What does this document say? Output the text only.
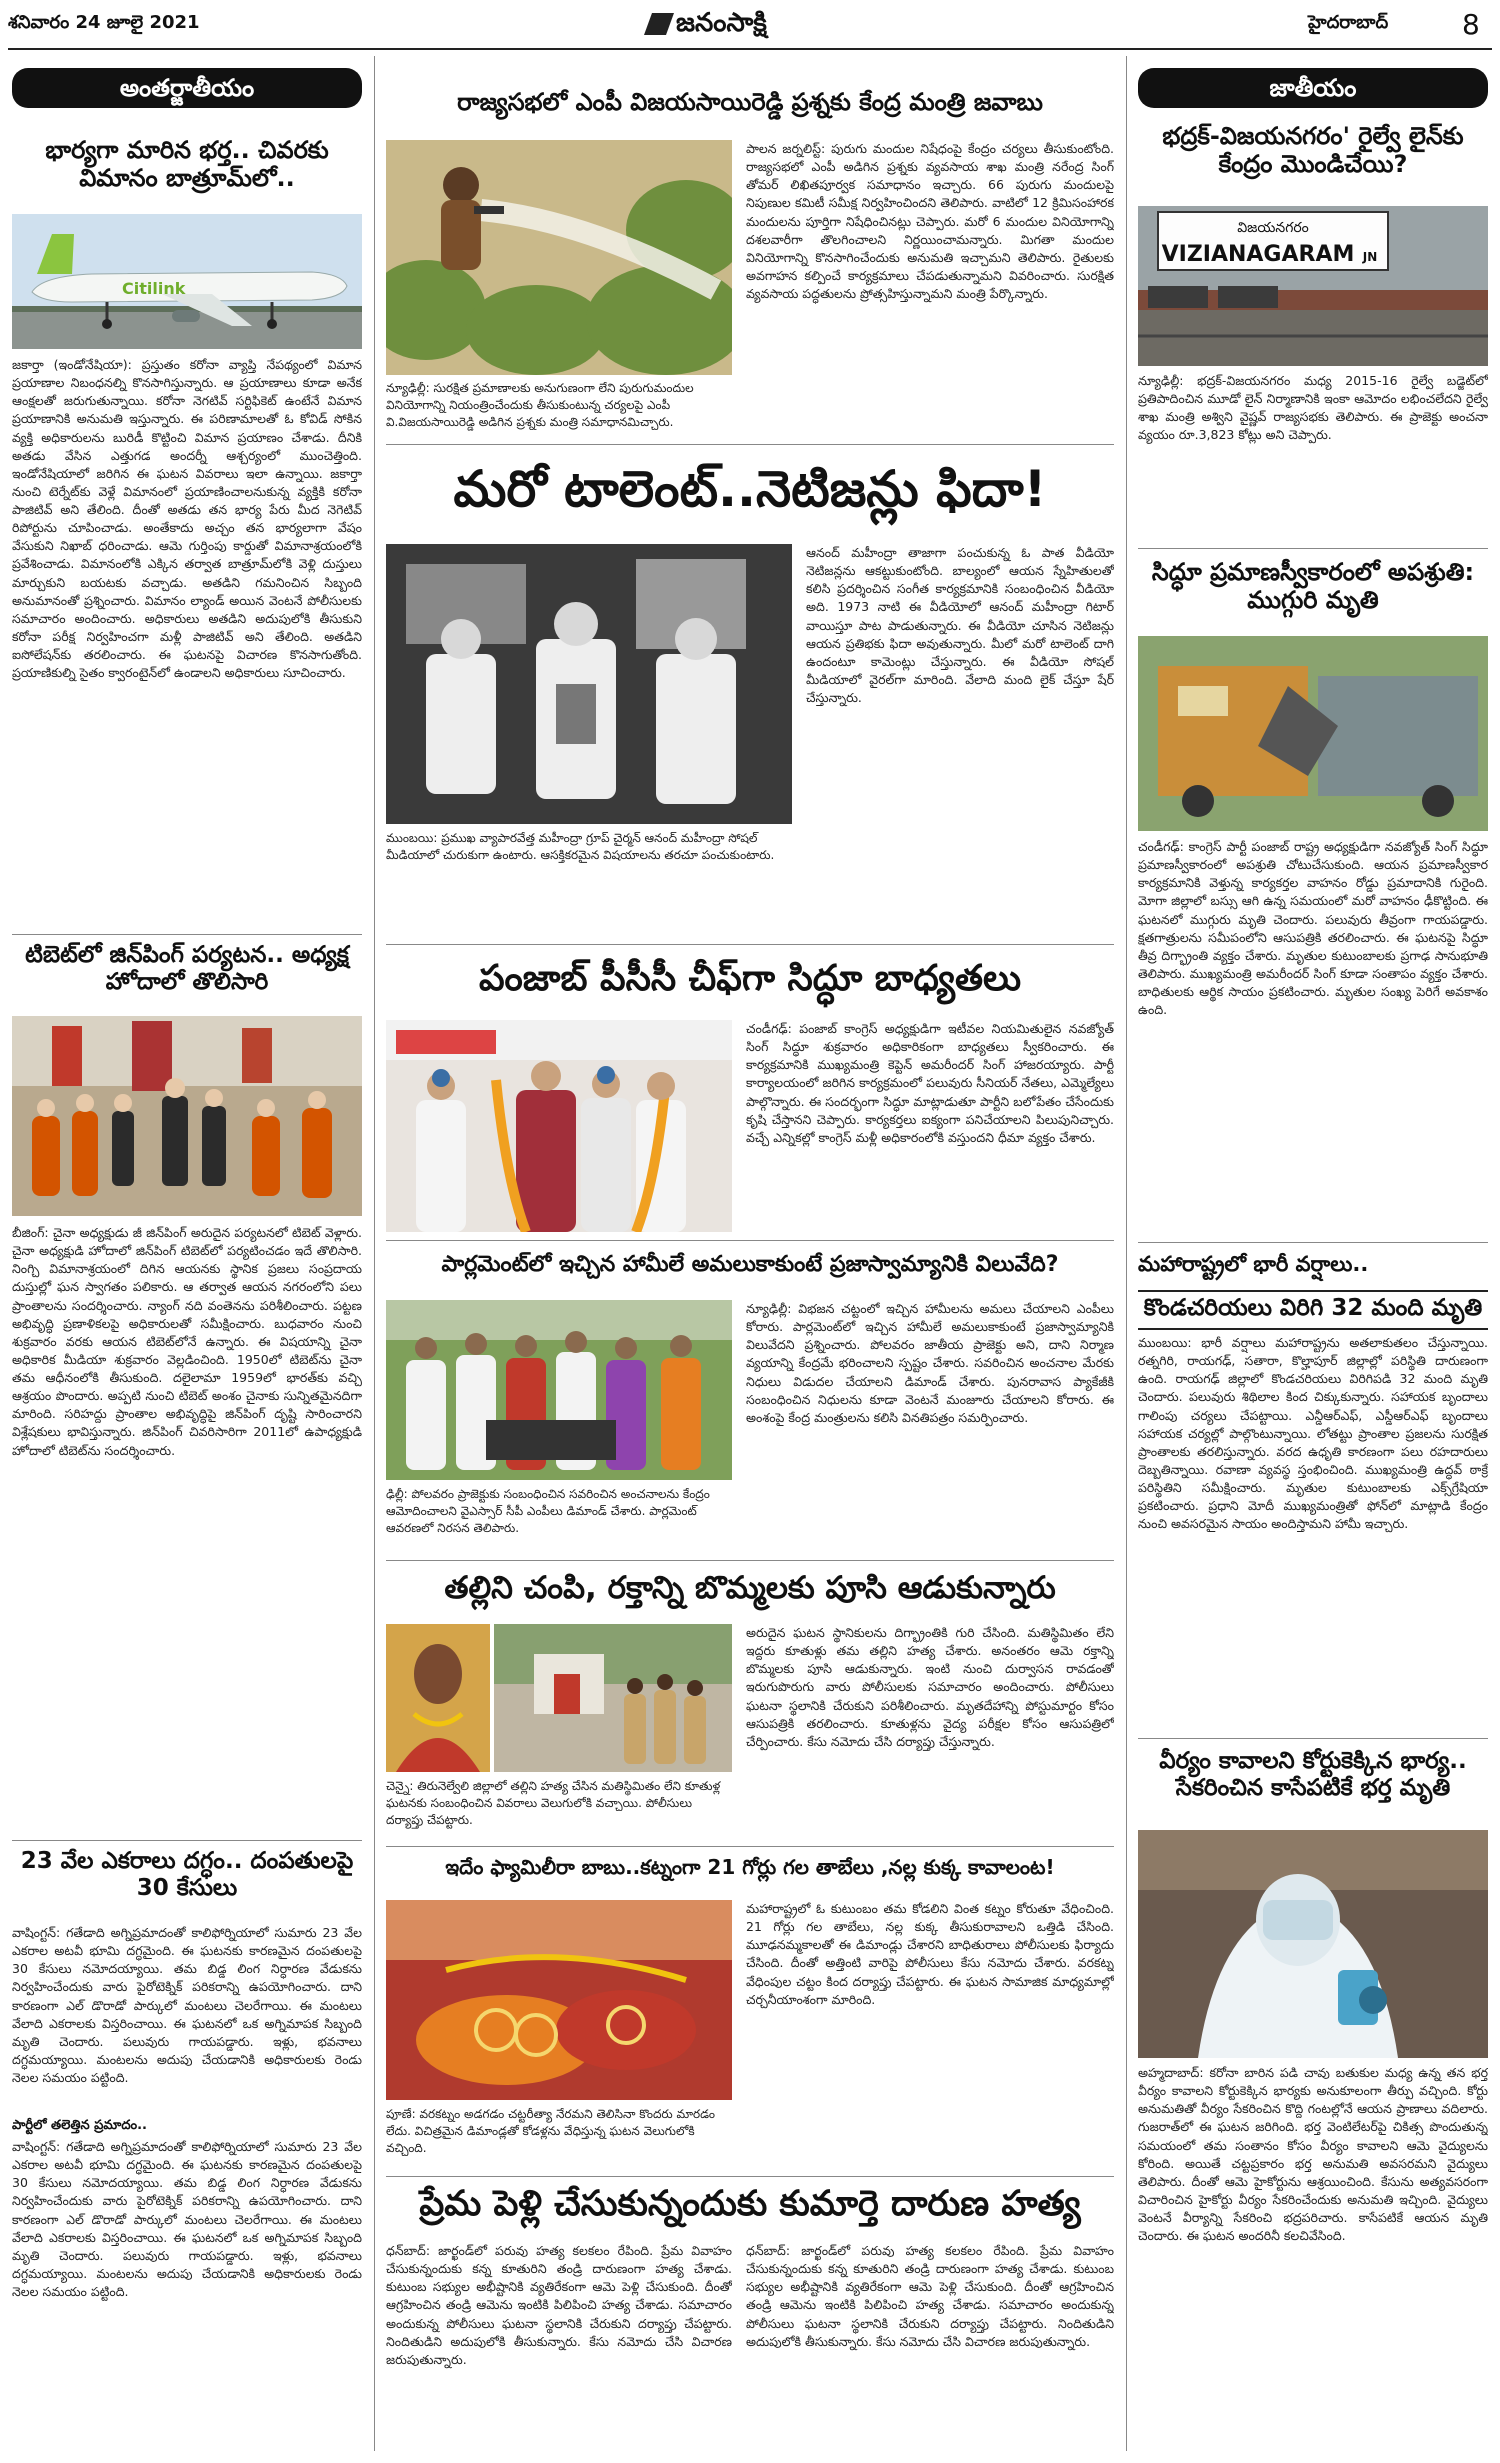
శనివారం 24 జూలై 2021	జనంసాక్షి	హైదరాబాద్	8
అంతర్జాతీయం
భార్యగా మారిన భర్త.. చివరకు విమానం బాత్రూమ్‌లో..
Citilink
జకార్తా (ఇండోనేషియా): ప్రస్తుతం కరోనా వ్యాప్తి నేపథ్యంలో విమాన ప్రయాణాల నిబంధనల్ని కొనసాగిస్తున్నారు. ఆ ప్రయాణాలు కూడా అనేక ఆంక్షలతో జరుగుతున్నాయి. కరోనా నెగటివ్ సర్టిఫికెట్ ఉంటేనే విమాన ప్రయాణానికి అనుమతి ఇస్తున్నారు. ఈ పరిణామాలతో ఓ కోవిడ్ సోకిన వ్యక్తి అధికారులను బురిడీ కొట్టించి విమాన ప్రయాణం చేశాడు. దీనికి అతడు వేసిన ఎత్తుగడ అందర్నీ ఆశ్చర్యంలో ముంచెత్తింది. ఇండోనేషియాలో జరిగిన ఈ ఘటన వివరాలు ఇలా ఉన్నాయి. జకార్తా నుంచి టెర్నేట్‌కు వెళ్లే విమానంలో ప్రయాణించాలనుకున్న వ్యక్తికి కరోనా పాజిటివ్ అని తేలింది. దీంతో అతడు తన భార్య పేరు మీద నెగెటివ్ రిపోర్టును చూపించాడు. అంతేకాదు అచ్చం తన భార్యలాగా వేషం వేసుకుని నిఖాబ్ ధరించాడు. ఆమె గుర్తింపు కార్డుతో విమానాశ్రయంలోకి ప్రవేశించాడు. విమానంలోకి ఎక్కిన తర్వాత బాత్రూమ్‌లోకి వెళ్లి దుస్తులు మార్చుకుని బయటకు వచ్చాడు. అతడిని గమనించిన సిబ్బంది అనుమానంతో ప్రశ్నించారు. విమానం ల్యాండ్ అయిన వెంటనే పోలీసులకు సమాచారం అందించారు. అధికారులు అతడిని అదుపులోకి తీసుకుని కరోనా పరీక్ష నిర్వహించగా మళ్లీ పాజిటివ్ అని తేలింది. అతడిని ఐసోలేషన్‌కు తరలించారు. ఈ ఘటనపై విచారణ కొనసాగుతోంది. ప్రయాణికుల్ని సైతం క్వారంటైన్‌లో ఉండాలని అధికారులు సూచించారు.
టిబెట్‌లో జిన్‌పింగ్ పర్యటన.. అధ్యక్ష హోదాలో తొలిసారి
బీజింగ్‌: చైనా అధ్యక్షుడు జీ జిన్‌పింగ్ అరుదైన పర్యటనలో టిబెట్ వెళ్లారు. చైనా అధ్యక్షుడి హోదాలో జిన్‌పింగ్ టిబెట్‌లో పర్యటించడం ఇదే తొలిసారి. నింగ్చి విమానాశ్రయంలో దిగిన ఆయనకు స్థానిక ప్రజలు సంప్రదాయ దుస్తుల్లో ఘన స్వాగతం పలికారు. ఆ తర్వాత ఆయన నగరంలోని పలు ప్రాంతాలను సందర్శించారు. న్యాంగ్ నది వంతెనను పరిశీలించారు. పట్టణ అభివృద్ధి ప్రణాళికలపై అధికారులతో సమీక్షించారు. బుధవారం నుంచి శుక్రవారం వరకు ఆయన టిబెట్‌లోనే ఉన్నారు. ఈ విషయాన్ని చైనా అధికారిక మీడియా శుక్రవారం వెల్లడించింది. 1950లో టిబెట్‌ను చైనా తమ ఆధీనంలోకి తీసుకుంది. దలైలామా 1959లో భారత్‌కు వచ్చి ఆశ్రయం పొందారు. అప్పటి నుంచి టిబెట్ అంశం చైనాకు సున్నితమైనదిగా మారింది. సరిహద్దు ప్రాంతాల అభివృద్ధిపై జిన్‌పింగ్ దృష్టి సారించారని విశ్లేషకులు భావిస్తున్నారు. జిన్‌పింగ్ చివరిసారిగా 2011లో ఉపాధ్యక్షుడి హోదాలో టిబెట్‌ను సందర్శించారు.
23 వేల ఎకరాలు దగ్ధం.. దంపతులపై 30 కేసులు
వాషింగ్టన్‌: గతేడాది అగ్నిప్రమాదంతో కాలిఫోర్నియాలో సుమారు 23 వేల ఎకరాల అటవీ భూమి దగ్ధమైంది. ఈ ఘటనకు కారణమైన దంపతులపై 30 కేసులు నమోదయ్యాయి. తమ బిడ్డ లింగ నిర్ధారణ వేడుకను నిర్వహించేందుకు వారు పైరోటెక్నిక్ పరికరాన్ని ఉపయోగించారు. దాని కారణంగా ఎల్ డొరాడో పార్కులో మంటలు చెలరేగాయి. ఈ మంటలు వేలాది ఎకరాలకు విస్తరించాయి. ఈ ఘటనలో ఒక అగ్నిమాపక సిబ్బంది మృతి చెందారు. పలువురు గాయపడ్డారు. ఇళ్లు, భవనాలు దగ్ధమయ్యాయి. మంటలను అదుపు చేయడానికి అధికారులకు రెండు నెలల సమయం పట్టింది.
పార్టీలో తలెత్తిన ప్రమాదం..
వాషింగ్టన్‌: గతేడాది అగ్నిప్రమాదంతో కాలిఫోర్నియాలో సుమారు 23 వేల ఎకరాల అటవీ భూమి దగ్ధమైంది. ఈ ఘటనకు కారణమైన దంపతులపై 30 కేసులు నమోదయ్యాయి. తమ బిడ్డ లింగ నిర్ధారణ వేడుకను నిర్వహించేందుకు వారు పైరోటెక్నిక్ పరికరాన్ని ఉపయోగించారు. దాని కారణంగా ఎల్ డొరాడో పార్కులో మంటలు చెలరేగాయి. ఈ మంటలు వేలాది ఎకరాలకు విస్తరించాయి. ఈ ఘటనలో ఒక అగ్నిమాపక సిబ్బంది మృతి చెందారు. పలువురు గాయపడ్డారు. ఇళ్లు, భవనాలు దగ్ధమయ్యాయి. మంటలను అదుపు చేయడానికి అధికారులకు రెండు నెలల సమయం పట్టింది.
రాజ్యసభలో ఎంపీ విజయసాయిరెడ్డి ప్రశ్నకు కేంద్ర మంత్రి జవాబు
న్యూఢిల్లీ: సురక్షిత ప్రమాణాలకు అనుగుణంగా లేని పురుగుమందుల వినియోగాన్ని నియంత్రించేందుకు తీసుకుంటున్న చర్యలపై ఎంపీ వి.విజయసాయిరెడ్డి అడిగిన ప్రశ్నకు మంత్రి సమాధానమిచ్చారు.
పాలన జర్నలిస్ట్: పురుగు మందుల నిషేధంపై కేంద్రం చర్యలు తీసుకుంటోంది. రాజ్యసభలో ఎంపీ అడిగిన ప్రశ్నకు వ్యవసాయ శాఖ మంత్రి నరేంద్ర సింగ్ తోమర్ లిఖితపూర్వక సమాధానం ఇచ్చారు. 66 పురుగు మందులపై నిపుణుల కమిటీ సమీక్ష నిర్వహించిందని తెలిపారు. వాటిలో 12 క్రిమిసంహారక మందులను పూర్తిగా నిషేధించినట్లు చెప్పారు. మరో 6 మందుల వినియోగాన్ని దశలవారీగా తొలగించాలని నిర్ణయించామన్నారు. మిగతా మందుల వినియోగాన్ని కొనసాగించేందుకు అనుమతి ఇచ్చామని తెలిపారు. రైతులకు అవగాహన కల్పించే కార్యక్రమాలు చేపడుతున్నామని వివరించారు. సురక్షిత వ్యవసాయ పద్ధతులను ప్రోత్సహిస్తున్నామని మంత్రి పేర్కొన్నారు.
మరో టాలెంట్‌..నెటిజన్లు ఫిదా!
ముంబయి: ప్రముఖ వ్యాపారవేత్త మహీంద్రా గ్రూప్ చైర్మన్ ఆనంద్ మహీంద్రా సోషల్ మీడియాలో చురుకుగా ఉంటారు. ఆసక్తికరమైన విషయాలను తరచూ పంచుకుంటారు.
ఆనంద్ మహీంద్రా తాజాగా పంచుకున్న ఓ పాత వీడియో నెటిజన్లను ఆకట్టుకుంటోంది. బాల్యంలో ఆయన స్నేహితులతో కలిసి ప్రదర్శించిన సంగీత కార్యక్రమానికి సంబంధించిన వీడియో అది. 1973 నాటి ఈ వీడియోలో ఆనంద్ మహీంద్రా గిటార్ వాయిస్తూ పాట పాడుతున్నారు. ఈ వీడియో చూసిన నెటిజన్లు ఆయన ప్రతిభకు ఫిదా అవుతున్నారు. మీలో మరో టాలెంట్ దాగి ఉందంటూ కామెంట్లు చేస్తున్నారు. ఈ వీడియో సోషల్ మీడియాలో వైరల్‌గా మారింది. వేలాది మంది లైక్ చేస్తూ షేర్ చేస్తున్నారు.
పంజాబ్ పీసీసీ చీఫ్‌గా సిద్ధూ బాధ్యతలు
చండీగఢ్‌: పంజాబ్ కాంగ్రెస్ అధ్యక్షుడిగా ఇటీవల నియమితులైన నవజ్యోత్ సింగ్ సిద్ధూ శుక్రవారం అధికారికంగా బాధ్యతలు స్వీకరించారు. ఈ కార్యక్రమానికి ముఖ్యమంత్రి కెప్టెన్ అమరీందర్ సింగ్ హాజరయ్యారు. పార్టీ కార్యాలయంలో జరిగిన కార్యక్రమంలో పలువురు సీనియర్ నేతలు, ఎమ్మెల్యేలు పాల్గొన్నారు. ఈ సందర్భంగా సిద్ధూ మాట్లాడుతూ పార్టీని బలోపేతం చేసేందుకు కృషి చేస్తానని చెప్పారు. కార్యకర్తలు ఐక్యంగా పనిచేయాలని పిలుపునిచ్చారు. వచ్చే ఎన్నికల్లో కాంగ్రెస్ మళ్లీ అధికారంలోకి వస్తుందని ధీమా వ్యక్తం చేశారు.
పార్లమెంట్‌లో ఇచ్చిన హామీలే అమలుకాకుంటే ప్రజాస్వామ్యానికి విలువేది?
ఢిల్లీ: పోలవరం ప్రాజెక్టుకు సంబంధించిన సవరించిన అంచనాలను కేంద్రం ఆమోదించాలని వైఎస్సార్ సీపీ ఎంపీలు డిమాండ్ చేశారు. పార్లమెంట్ ఆవరణలో నిరసన తెలిపారు.
న్యూఢిల్లీ: విభజన చట్టంలో ఇచ్చిన హామీలను అమలు చేయాలని ఎంపీలు కోరారు. పార్లమెంట్‌లో ఇచ్చిన హామీలే అమలుకాకుంటే ప్రజాస్వామ్యానికి విలువేదని ప్రశ్నించారు. పోలవరం జాతీయ ప్రాజెక్టు అని, దాని నిర్మాణ వ్యయాన్ని కేంద్రమే భరించాలని స్పష్టం చేశారు. సవరించిన అంచనాల మేరకు నిధులు విడుదల చేయాలని డిమాండ్ చేశారు. పునరావాస ప్యాకేజీకి సంబంధించిన నిధులను కూడా వెంటనే మంజూరు చేయాలని కోరారు. ఈ అంశంపై కేంద్ర మంత్రులను కలిసి వినతిపత్రం సమర్పించారు.
తల్లిని చంపి, రక్తాన్ని బొమ్మలకు పూసి ఆడుకున్నారు
చెన్నై: తిరునెల్వేలి జిల్లాలో తల్లిని హత్య చేసిన మతిస్థిమితం లేని కూతుళ్ల ఘటనకు సంబంధించిన వివరాలు వెలుగులోకి వచ్చాయి. పోలీసులు దర్యాప్తు చేపట్టారు.
అరుదైన ఘటన స్థానికులను దిగ్భ్రాంతికి గురి చేసింది. మతిస్థిమితం లేని ఇద్దరు కూతుళ్లు తమ తల్లిని హత్య చేశారు. అనంతరం ఆమె రక్తాన్ని బొమ్మలకు పూసి ఆడుకున్నారు. ఇంటి నుంచి దుర్వాసన రావడంతో ఇరుగుపొరుగు వారు పోలీసులకు సమాచారం అందించారు. పోలీసులు ఘటనా స్థలానికి చేరుకుని పరిశీలించారు. మృతదేహాన్ని పోస్టుమార్టం కోసం ఆసుపత్రికి తరలించారు. కూతుళ్లను వైద్య పరీక్షల కోసం ఆసుపత్రిలో చేర్పించారు. కేసు నమోదు చేసి దర్యాప్తు చేస్తున్నారు.
ఇదేం ఫ్యామిలీరా బాబు..కట్నంగా 21 గోర్లు గల తాబేలు ,నల్ల కుక్క కావాలంట!
పూణే: వరకట్నం అడగడం చట్టరీత్యా నేరమని తెలిసినా కొందరు మారడం లేదు. విచిత్రమైన డిమాండ్లతో కోడళ్లను వేధిస్తున్న ఘటన వెలుగులోకి వచ్చింది.
మహారాష్ట్రలో ఓ కుటుంబం తమ కోడలిని వింత కట్నం కోరుతూ వేధించింది. 21 గోర్లు గల తాబేలు, నల్ల కుక్క తీసుకురావాలని ఒత్తిడి చేసింది. మూఢనమ్మకాలతో ఈ డిమాండ్లు చేశారని బాధితురాలు పోలీసులకు ఫిర్యాదు చేసింది. దీంతో అత్తింటి వారిపై పోలీసులు కేసు నమోదు చేశారు. వరకట్న వేధింపుల చట్టం కింద దర్యాప్తు చేపట్టారు. ఈ ఘటన సామాజిక మాధ్యమాల్లో చర్చనీయాంశంగా మారింది.
ప్రేమ పెళ్లి చేసుకున్నందుకు కుమార్తె దారుణ హత్య
ధన్‌బాద్: జార్ఖండ్‌లో పరువు హత్య కలకలం రేపింది. ప్రేమ వివాహం చేసుకున్నందుకు కన్న కూతురిని తండ్రి దారుణంగా హత్య చేశాడు. కుటుంబ సభ్యుల అభీష్టానికి వ్యతిరేకంగా ఆమె పెళ్లి చేసుకుంది. దీంతో ఆగ్రహించిన తండ్రి ఆమెను ఇంటికి పిలిపించి హత్య చేశాడు. సమాచారం అందుకున్న పోలీసులు ఘటనా స్థలానికి చేరుకుని దర్యాప్తు చేపట్టారు. నిందితుడిని అదుపులోకి తీసుకున్నారు. కేసు నమోదు చేసి విచారణ జరుపుతున్నారు.
ధన్‌బాద్: జార్ఖండ్‌లో పరువు హత్య కలకలం రేపింది. ప్రేమ వివాహం చేసుకున్నందుకు కన్న కూతురిని తండ్రి దారుణంగా హత్య చేశాడు. కుటుంబ సభ్యుల అభీష్టానికి వ్యతిరేకంగా ఆమె పెళ్లి చేసుకుంది. దీంతో ఆగ్రహించిన తండ్రి ఆమెను ఇంటికి పిలిపించి హత్య చేశాడు. సమాచారం అందుకున్న పోలీసులు ఘటనా స్థలానికి చేరుకుని దర్యాప్తు చేపట్టారు. నిందితుడిని అదుపులోకి తీసుకున్నారు. కేసు నమోదు చేసి విచారణ జరుపుతున్నారు.
జాతీయం
భద్రక్‌-విజయనగరం' రైల్వే లైన్‌కు కేంద్రం మొండిచేయి?
విజయనగరం
VIZIANAGARAM JN
న్యూఢిల్లీ: భద్రక్‌-విజయనగరం మధ్య 2015-16 రైల్వే బడ్జెట్‌లో ప్రతిపాదించిన మూడో లైన్ నిర్మాణానికి ఇంకా ఆమోదం లభించలేదని రైల్వే శాఖ మంత్రి అశ్విని వైష్ణవ్ రాజ్యసభకు తెలిపారు. ఈ ప్రాజెక్టు అంచనా వ్యయం రూ.3,823 కోట్లు అని చెప్పారు.
సిద్ధూ ప్రమాణస్వీకారంలో అపశ్రుతి: ముగ్గురి మృతి
చండీగఢ్‌: కాంగ్రెస్ పార్టీ పంజాబ్ రాష్ట్ర అధ్యక్షుడిగా నవజ్యోత్ సింగ్ సిద్ధూ ప్రమాణస్వీకారంలో అపశ్రుతి చోటుచేసుకుంది. ఆయన ప్రమాణస్వీకార కార్యక్రమానికి వెళ్తున్న కార్యకర్తల వాహనం రోడ్డు ప్రమాదానికి గురైంది. మోగా జిల్లాలో బస్సు ఆగి ఉన్న సమయంలో మరో వాహనం ఢీకొట్టింది. ఈ ఘటనలో ముగ్గురు మృతి చెందారు. పలువురు తీవ్రంగా గాయపడ్డారు. క్షతగాత్రులను సమీపంలోని ఆసుపత్రికి తరలించారు. ఈ ఘటనపై సిద్ధూ తీవ్ర దిగ్భ్రాంతి వ్యక్తం చేశారు. మృతుల కుటుంబాలకు ప్రగాఢ సానుభూతి తెలిపారు. ముఖ్యమంత్రి అమరీందర్ సింగ్ కూడా సంతాపం వ్యక్తం చేశారు. బాధితులకు ఆర్థిక సాయం ప్రకటించారు. మృతుల సంఖ్య పెరిగే అవకాశం ఉంది.
మహారాష్ట్రలో భారీ వర్షాలు..
కొండచరియలు విరిగి 32 మంది మృతి
ముంబయి: భారీ వర్షాలు మహారాష్ట్రను అతలాకుతలం చేస్తున్నాయి. రత్నగిరి, రాయగఢ్, సతారా, కొల్హాపూర్ జిల్లాల్లో పరిస్థితి దారుణంగా ఉంది. రాయగఢ్ జిల్లాలో కొండచరియలు విరిగిపడి 32 మంది మృతి చెందారు. పలువురు శిథిలాల కింద చిక్కుకున్నారు. సహాయక బృందాలు గాలింపు చర్యలు చేపట్టాయి. ఎన్డీఆర్ఎఫ్, ఎస్డీఆర్ఎఫ్ బృందాలు సహాయక చర్యల్లో పాల్గొంటున్నాయి. లోతట్టు ప్రాంతాల ప్రజలను సురక్షిత ప్రాంతాలకు తరలిస్తున్నారు. వరద ఉధృతి కారణంగా పలు రహదారులు దెబ్బతిన్నాయి. రవాణా వ్యవస్థ స్తంభించింది. ముఖ్యమంత్రి ఉద్ధవ్ ఠాక్రే పరిస్థితిని సమీక్షించారు. మృతుల కుటుంబాలకు ఎక్స్‌గ్రేషియా ప్రకటించారు. ప్రధాని మోదీ ముఖ్యమంత్రితో ఫోన్‌లో మాట్లాడి కేంద్రం నుంచి అవసరమైన సాయం అందిస్తామని హామీ ఇచ్చారు.
వీర్యం కావాలని కోర్టుకెక్కిన భార్య.. సేకరించిన కాసేపటికే భర్త మృతి
అహ్మదాబాద్‌: కరోనా బారిన పడి చావు బతుకుల మధ్య ఉన్న తన భర్త వీర్యం కావాలని కోర్టుకెక్కిన భార్యకు అనుకూలంగా తీర్పు వచ్చింది. కోర్టు అనుమతితో వీర్యం సేకరించిన కొద్ది గంటల్లోనే ఆయన ప్రాణాలు వదిలారు. గుజరాత్‌లో ఈ ఘటన జరిగింది. భర్త వెంటిలేటర్‌పై చికిత్స పొందుతున్న సమయంలో తమ సంతానం కోసం వీర్యం కావాలని ఆమె వైద్యులను కోరింది. అయితే చట్టప్రకారం భర్త అనుమతి అవసరమని వైద్యులు తెలిపారు. దీంతో ఆమె హైకోర్టును ఆశ్రయించింది. కేసును అత్యవసరంగా విచారించిన హైకోర్టు వీర్యం సేకరించేందుకు అనుమతి ఇచ్చింది. వైద్యులు వెంటనే వీర్యాన్ని సేకరించి భద్రపరిచారు. కాసేపటికే ఆయన మృతి చెందారు. ఈ ఘటన అందరినీ కలచివేసింది.
